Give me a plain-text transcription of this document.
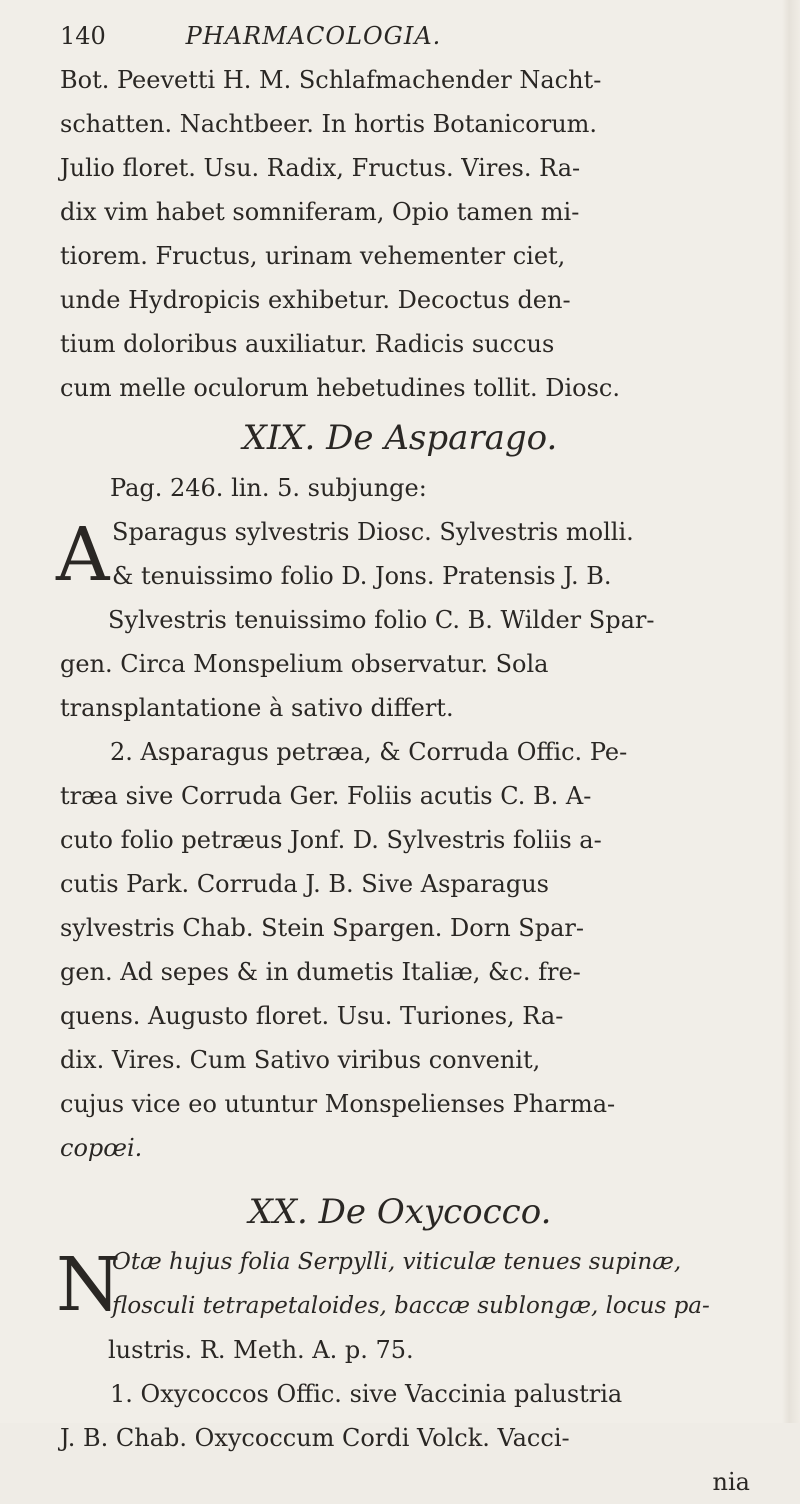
140	PHARMACOLOGIA.
Bot. Peevetti H. M. Schlafmachender Nacht-
schatten. Nachtbeer. In hortis Botanicorum.
Julio floret. Usu. Radix, Fructus. Vires. Ra-
dix vim habet somniferam, Opio tamen mi-
tiorem. Fructus, urinam vehementer ciet,
unde Hydropicis exhibetur. Decoctus den-
tium doloribus auxiliatur. Radicis succus
cum melle oculorum hebetudines tollit. Diosc.
XIX. De Asparago.
Pag. 246. lin. 5. subjunge:
A Sparagus sylvestris Diosc. Sylvestris molli.
& tenuissimo folio D. Jons. Pratensis J. B.
Sylvestris tenuissimo folio C. B. Wilder Spar-
gen. Circa Monspelium observatur. Sola
transplantatione à sativo differt.
2. Asparagus petræa, & Corruda Offic. Pe-
træa sive Corruda Ger. Foliis acutis C. B. A-
cuto folio petræus Jonf. D. Sylvestris foliis a-
cutis Park. Corruda J. B. Sive Asparagus
sylvestris Chab. Stein Spargen. Dorn Spar-
gen. Ad sepes & in dumetis Italiæ, &c. fre-
quens. Augusto floret. Usu. Turiones, Ra-
dix. Vires. Cum Sativo viribus convenit,
cujus vice eo utuntur Monspelienses Pharma-
copœi.
XX. De Oxycocco.
N
Otæ hujus folia Serpylli, viticulæ tenues supinæ,
flosculi tetrapetaloides, baccæ sublongæ, locus pa-
lustris. R. Meth. A. p. 75.
1. Oxycoccos Offic. sive Vaccinia palustria
J. B. Chab. Oxycoccum Cordi Volck. Vacci-
nia
